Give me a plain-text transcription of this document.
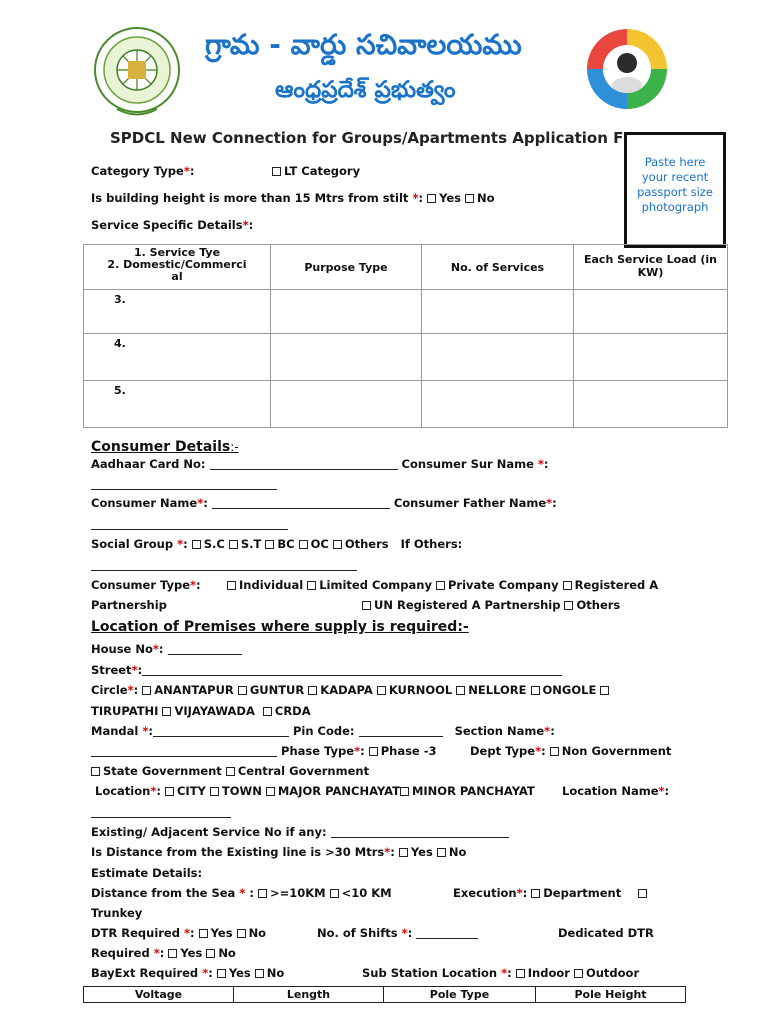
గ్రామ - వార్డు సచివాలయము
ఆంధ్రప్రదేశ్ ప్రభుత్వం
SPDCL New Connection for Groups/Apartments Application F
Paste here
your recent
passport size
photograph
Category Type*:	LT Category
Is building height is more than 15 Mtrs from stilt *: Yes No
Service Specific Details*:
1. Service Tye
2. Domestic/Commerci
al	Purpose Type	No. of Services	Each Service Load (in KW)
3.			
4.			
5.			
Consumer Details:-
Aadhaar Card No:	Consumer Sur Name *:
Consumer Name*:	Consumer Father Name*:
Social Group *: S.C S.T BC OC Others If Others:
Consumer Type*:	Individual Limited Company Private Company Registered A
Partnership	UN Registered A Partnership Others
Location of Premises where supply is required:-
House No*:
Street*:
Circle*: ANANTAPUR GUNTUR KADAPA KURNOOL NELLORE ONGOLE
TIRUPATHI VIJAYAWADA CRDA
Mandal *:	Pin Code:	Section Name*:
Phase Type*: Phase -3	Dept Type*: Non Government
State Government Central Government
Location*: CITY TOWN MAJOR PANCHAYAT MINOR PANCHAYAT Location Name*:
Existing/ Adjacent Service No if any:
Is Distance from the Existing line is >30 Mtrs*: Yes No
Estimate Details:
Distance from the Sea * : >=10KM <10 KM	Execution*: Department
Trunkey
DTR Required *: Yes No	No. of Shifts *:	Dedicated DTR
Required *: Yes No
BayExt Required *: Yes No	Sub Station Location *: Indoor Outdoor
Voltage	Length	Pole Type	Pole Height
